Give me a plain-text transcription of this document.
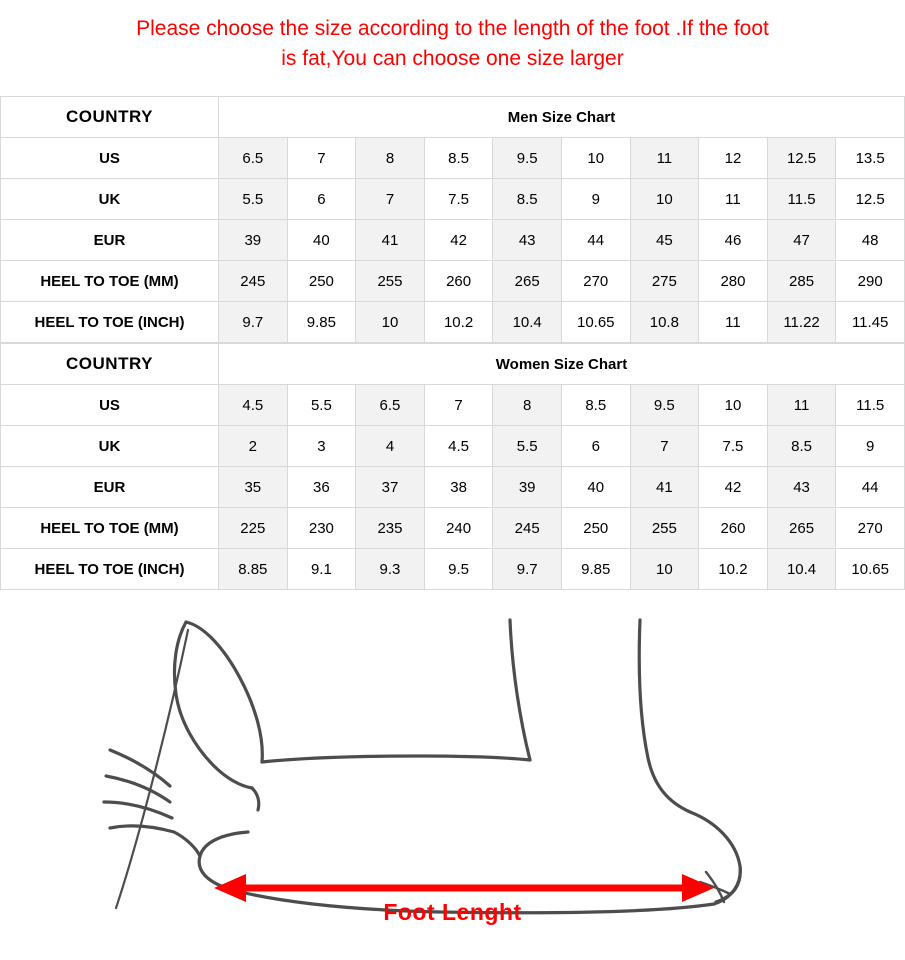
Please choose the size according to the length of the foot .If the foot
is fat,You can choose one size larger
COUNTRY	Men Size Chart									
US	6.5	7	8	8.5	9.5	10	11	12	12.5	13.5
UK	5.5	6	7	7.5	8.5	9	10	11	11.5	12.5
EUR	39	40	41	42	43	44	45	46	47	48
HEEL TO TOE (MM)	245	250	255	260	265	270	275	280	285	290
HEEL TO TOE (INCH)	9.7	9.85	10	10.2	10.4	10.65	10.8	11	11.22	11.45
COUNTRY	Women Size Chart									
US	4.5	5.5	6.5	7	8	8.5	9.5	10	11	11.5
UK	2	3	4	4.5	5.5	6	7	7.5	8.5	9
EUR	35	36	37	38	39	40	41	42	43	44
HEEL TO TOE (MM)	225	230	235	240	245	250	255	260	265	270
HEEL TO TOE (INCH)	8.85	9.1	9.3	9.5	9.7	9.85	10	10.2	10.4	10.65
Foot Lenght
